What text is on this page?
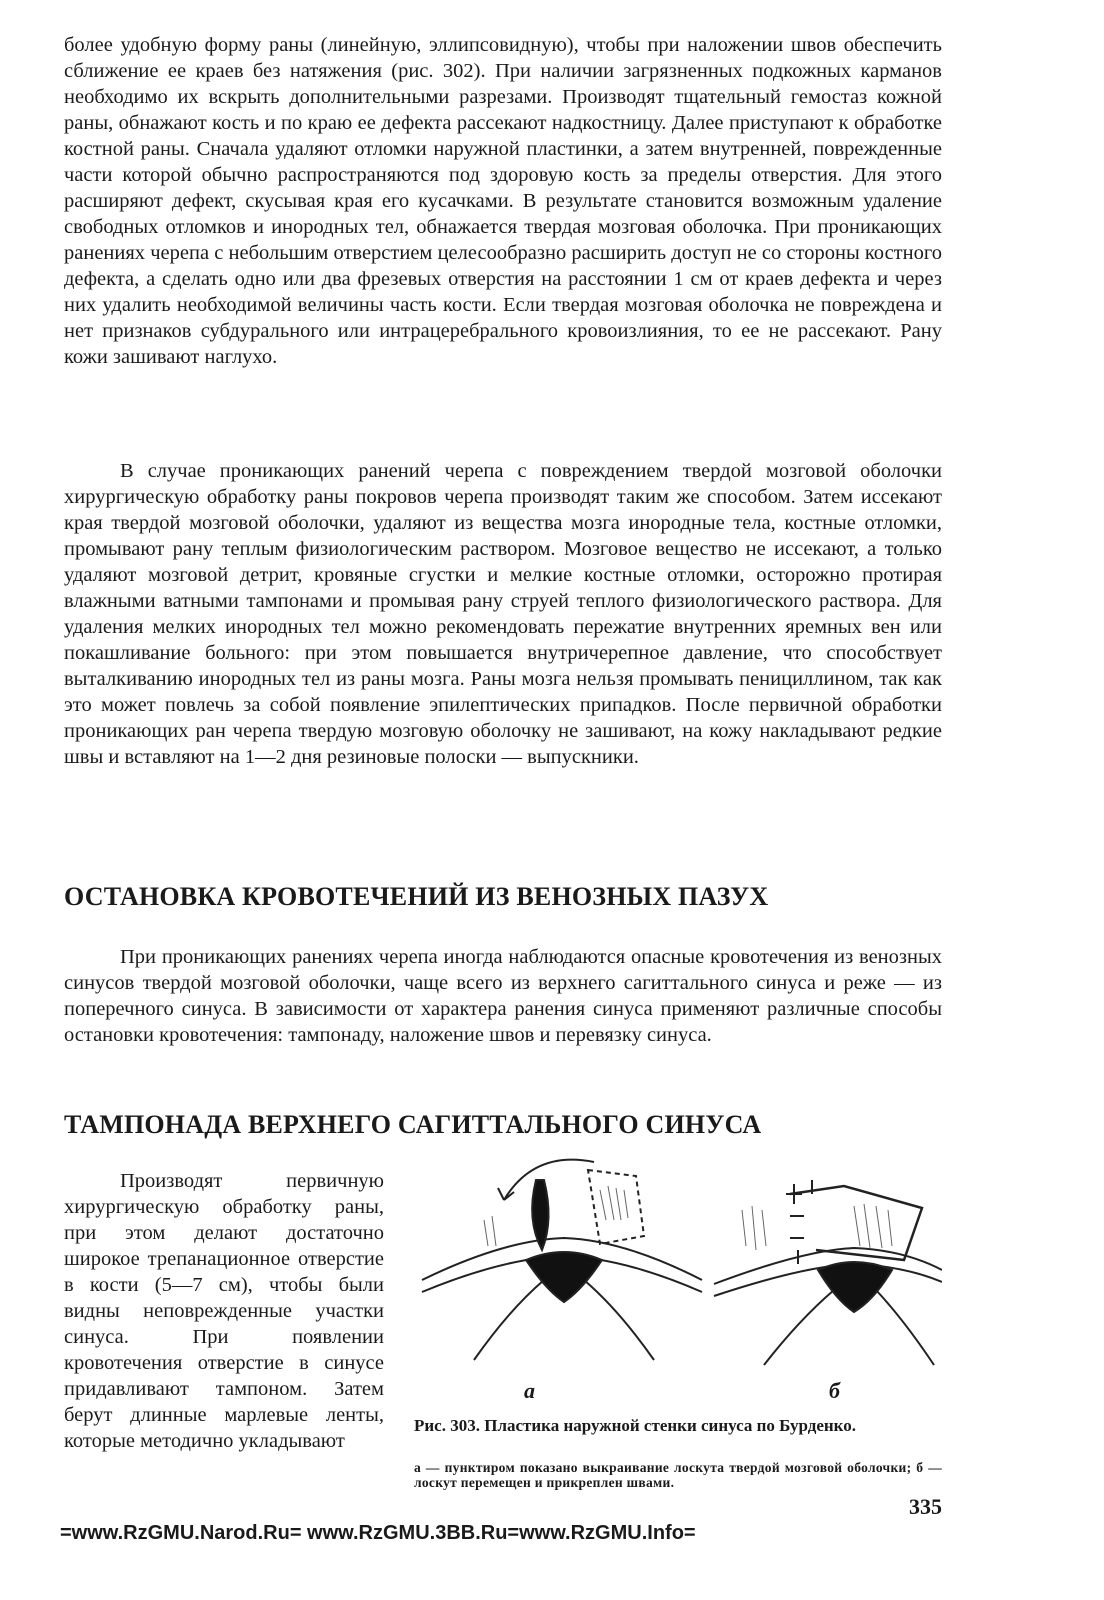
более удобную форму раны (линейную, эллипсовидную), чтобы при наложении швов обеспечить сближение ее краев без натяжения (рис. 302). При наличии загрязненных подкожных карманов необходимо их вскрыть дополнительными разрезами. Производят тщательный гемостаз кожной раны, обнажают кость и по краю ее дефекта рассекают надкостницу. Далее приступают к обработке костной раны. Сначала удаляют отломки наружной пластинки, а затем внутренней, поврежденные части которой обычно распространяются под здоровую кость за пределы отверстия. Для этого расширяют дефект, скусывая края его кусачками. В результате становится возможным удаление свободных отломков и инородных тел, обнажается твердая мозговая оболочка. При проникающих ранениях черепа с небольшим отверстием целесообразно расширить доступ не со стороны костного дефекта, а сделать одно или два фрезевых отверстия на расстоянии 1 см от краев дефекта и через них удалить необходимой величины часть кости. Если твердая мозговая оболочка не повреждена и нет признаков субдурального или интрацеребрального кровоизлияния, то ее не рассекают. Рану кожи зашивают наглухо.

В случае проникающих ранений черепа с повреждением твердой мозговой оболочки хирургическую обработку раны покровов черепа производят таким же способом. Затем иссекают края твердой мозговой оболочки, удаляют из вещества мозга инородные тела, костные отломки, промывают рану теплым физиологическим раствором. Мозговое вещество не иссекают, а только удаляют мозговой детрит, кровяные сгустки и мелкие костные отломки, осторожно протирая влажными ватными тампонами и промывая рану струей теплого физиологического раствора. Для удаления мелких инородных тел можно рекомендовать пережатие внутренних яремных вен или покашливание больного: при этом повышается внутричерепное давление, что способствует выталкиванию инородных тел из раны мозга. Раны мозга нельзя промывать пенициллином, так как это может повлечь за собой появление эпилептических припадков. После первичной обработки проникающих ран черепа твердую мозговую оболочку не зашивают, на кожу накладывают редкие швы и вставляют на 1—2 дня резиновые полоски — выпускники.

ОСТАНОВКА КРОВОТЕЧЕНИЙ ИЗ ВЕНОЗНЫХ ПАЗУХ

При проникающих ранениях черепа иногда наблюдаются опасные кровотечения из венозных синусов твердой мозговой оболочки, чаще всего из верхнего сагиттального синуса и реже — из поперечного синуса. В зависимости от характера ранения синуса применяют различные способы остановки кровотечения: тампонаду, наложение швов и перевязку синуса.

ТАМПОНАДА ВЕРХНЕГО САГИТТАЛЬНОГО СИНУСА

Производят первичную хирургическую обработку раны, при этом делают достаточно широкое трепанационное отверстие в кости (5—7 см), чтобы были видны неповрежденные участки синуса. При появлении кровотечения отверстие в синусе придавливают тампоном. Затем берут длинные марлевые ленты, которые методично укладывают

а	б
Рис. 303. Пластика наружной стенки синуса по Бурденко.
а — пунктиром показано выкраивание лоскута твердой мозговой оболочки; б — лоскут перемещен и прикреплен швами.
335
=www.RzGMU.Narod.Ru= www.RzGMU.3BB.Ru=www.RzGMU.Info=
